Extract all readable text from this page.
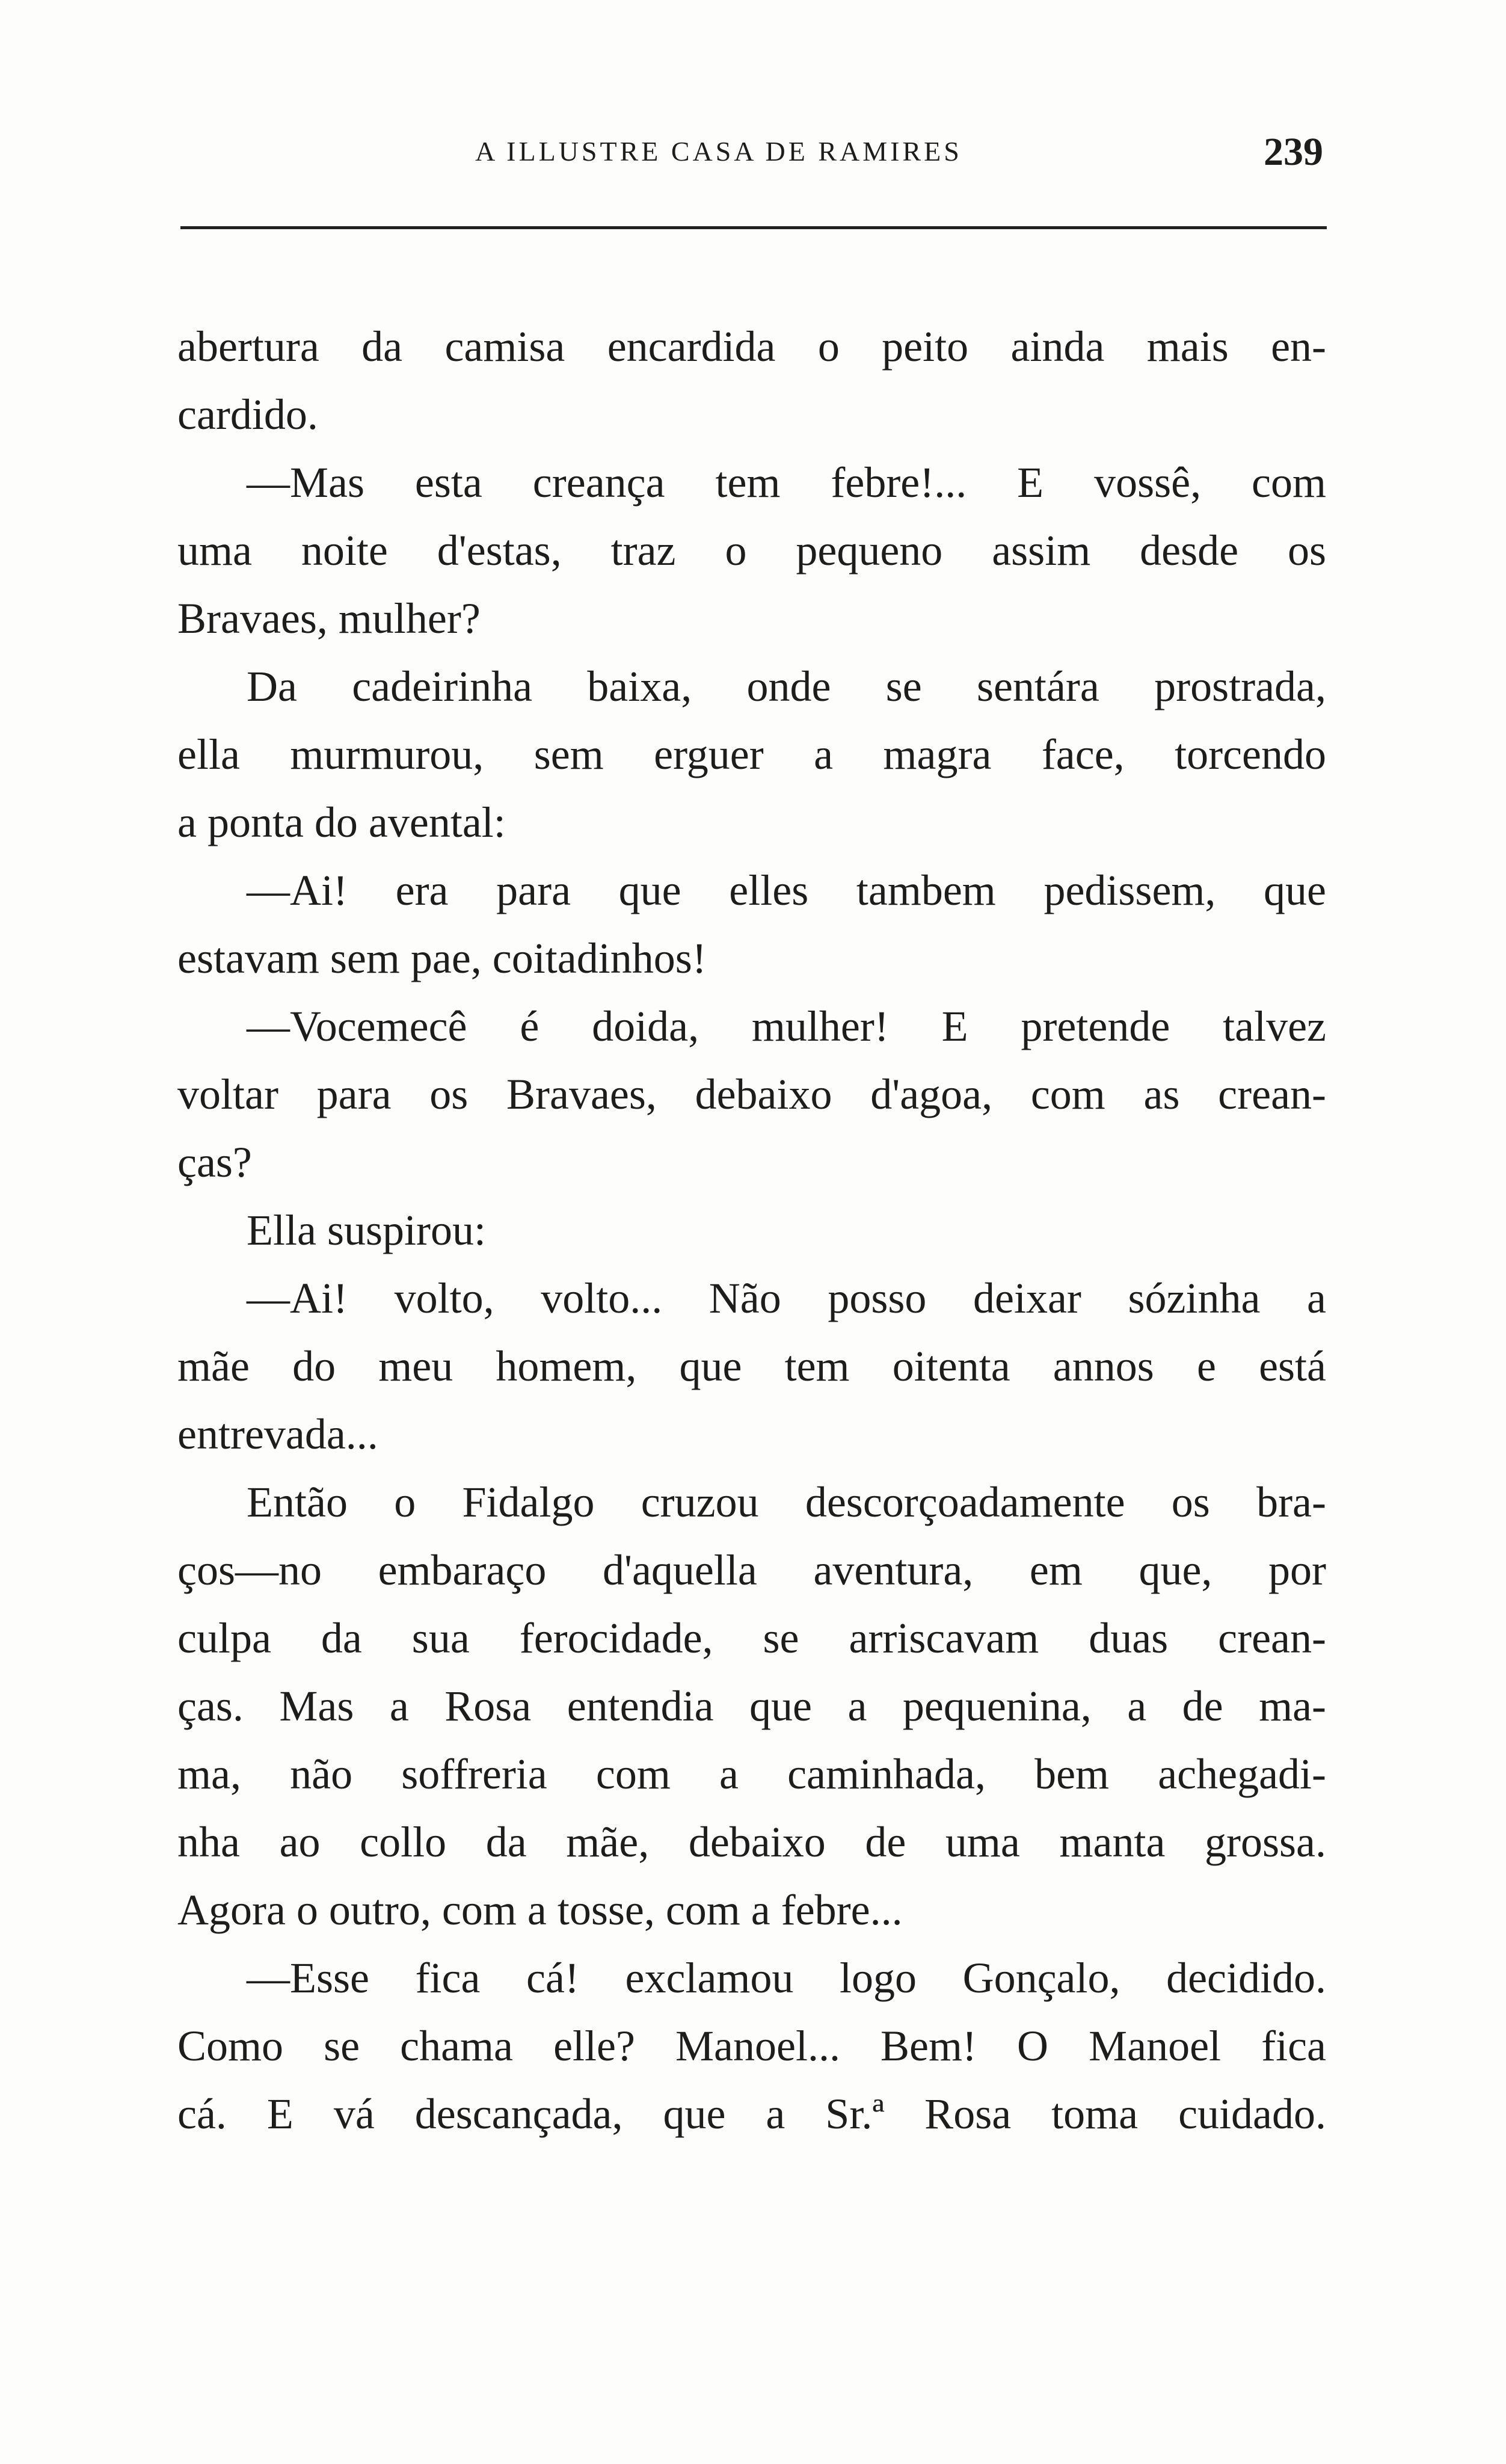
A ILLUSTRE CASA DE RAMIRES	239
abertura da camisa encardida o peito ainda mais en-
cardido.
—Mas esta creança tem febre!... E vossê, com
uma noite d'estas, traz o pequeno assim desde os
Bravaes, mulher?
Da cadeirinha baixa, onde se sentára prostrada,
ella murmurou, sem erguer a magra face, torcendo
a ponta do avental:
—Ai! era para que elles tambem pedissem, que
estavam sem pae, coitadinhos!
—Vocemecê é doida, mulher! E pretende talvez
voltar para os Bravaes, debaixo d'agoa, com as crean-
ças?
Ella suspirou:
—Ai! volto, volto... Não posso deixar sózinha a
mãe do meu homem, que tem oitenta annos e está
entrevada...
Então o Fidalgo cruzou descorçoadamente os bra-
ços—no embaraço d'aquella aventura, em que, por
culpa da sua ferocidade, se arriscavam duas crean-
ças. Mas a Rosa entendia que a pequenina, a de ma-
ma, não soffreria com a caminhada, bem achegadi-
nha ao collo da mãe, debaixo de uma manta grossa.
Agora o outro, com a tosse, com a febre...
—Esse fica cá! exclamou logo Gonçalo, decidido.
Como se chama elle? Manoel... Bem! O Manoel fica
cá. E vá descançada, que a Sr.ª Rosa toma cuidado.
